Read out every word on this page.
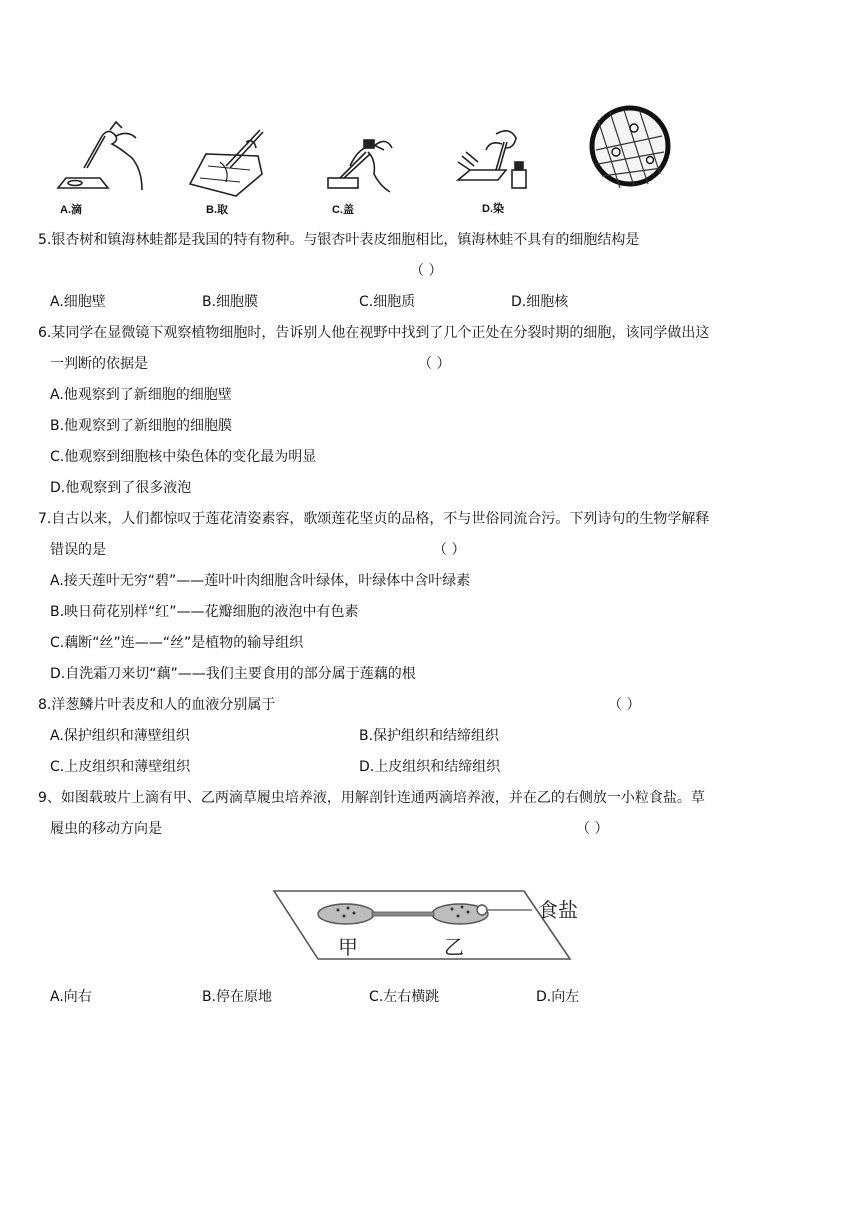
A.滴	B.取	C.盖	D.染
5.银杏树和镇海林蛙都是我国的特有物种。与银杏叶表皮细胞相比，镇海林蛙不具有的细胞结构是
（ ）
A.细胞壁	B.细胞膜	C.细胞质	D.细胞核
6.某同学在显微镜下观察植物细胞时，告诉别人他在视野中找到了几个正处在分裂时期的细胞，该同学做出这
一判断的依据是	（ ）
A.他观察到了新细胞的细胞壁
B.他观察到了新细胞的细胞膜
C.他观察到细胞核中染色体的变化最为明显
D.他观察到了很多液泡
7.自古以来，人们都惊叹于莲花清姿素容，歌颂莲花坚贞的品格，不与世俗同流合污。下列诗句的生物学解释
错误的是	（ ）
A.接天莲叶无穷“碧”——莲叶叶肉细胞含叶绿体，叶绿体中含叶绿素
B.映日荷花别样“红”——花瓣细胞的液泡中有色素
C.藕断“丝”连——“丝”是植物的输导组织
D.自洗霜刀来切“藕”——我们主要食用的部分属于莲藕的根
8.洋葱鳞片叶表皮和人的血液分别属于	（ ）
A.保护组织和薄壁组织	B.保护组织和结缔组织
C.上皮组织和薄壁组织	D.上皮组织和结缔组织
9、如图载玻片上滴有甲、乙两滴草履虫培养液，用解剖针连通两滴培养液，并在乙的右侧放一小粒食盐。草
履虫的移动方向是	（ ）
食盐
甲	乙
A.向右	B.停在原地	C.左右横跳	D.向左
